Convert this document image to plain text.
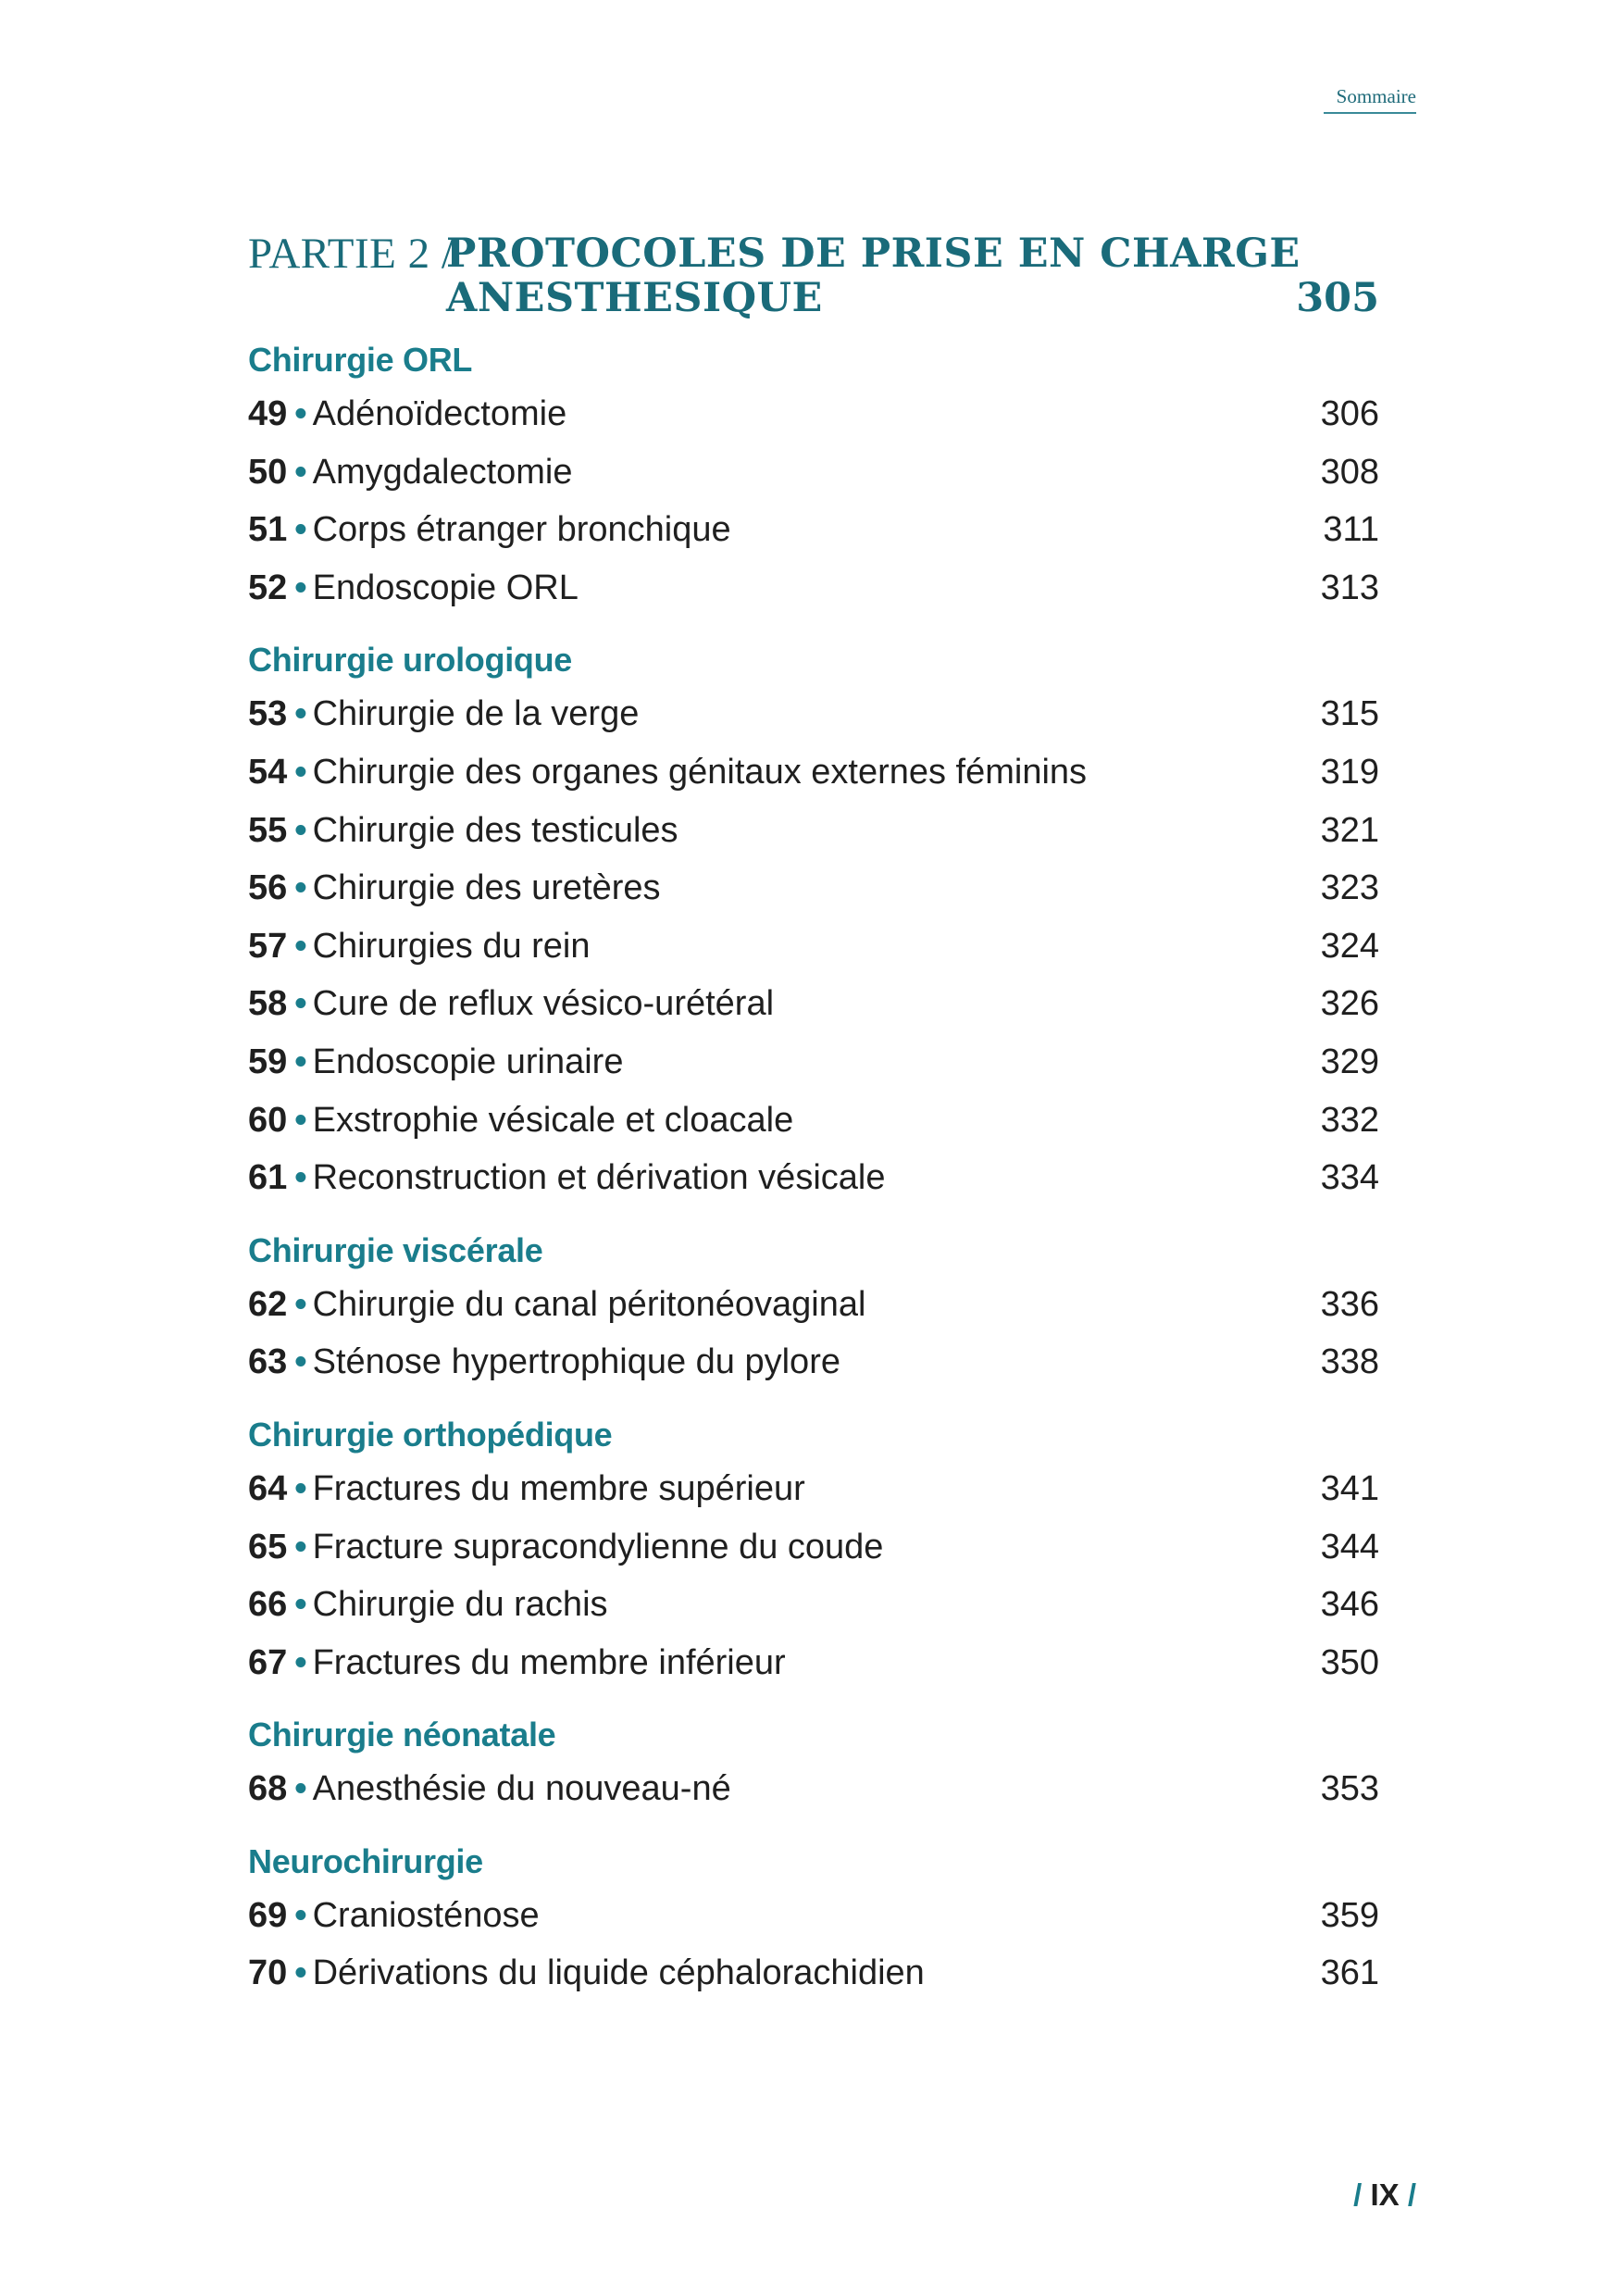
Sommaire
PARTIE 2 /
PROTOCOLES DE PRISE EN CHARGE
ANESTHESIQUE	305
Chirurgie ORL
49 • Adénoïdectomie	306
50 • Amygdalectomie	308
51 • Corps étranger bronchique	311
52 • Endoscopie ORL	313
Chirurgie urologique
53 • Chirurgie de la verge	315
54 • Chirurgie des organes génitaux externes féminins	319
55 • Chirurgie des testicules	321
56 • Chirurgie des uretères	323
57 • Chirurgies du rein	324
58 • Cure de reflux vésico-urétéral	326
59 • Endoscopie urinaire	329
60 • Exstrophie vésicale et cloacale	332
61 • Reconstruction et dérivation vésicale	334
Chirurgie viscérale
62 • Chirurgie du canal péritonéovaginal	336
63 • Sténose hypertrophique du pylore	338
Chirurgie orthopédique
64 • Fractures du membre supérieur	341
65 • Fracture supracondylienne du coude	344
66 • Chirurgie du rachis	346
67 • Fractures du membre inférieur	350
Chirurgie néonatale
68 • Anesthésie du nouveau-né	353
Neurochirurgie
69 • Craniosténose	359
70 • Dérivations du liquide céphalorachidien	361
/ IX /
